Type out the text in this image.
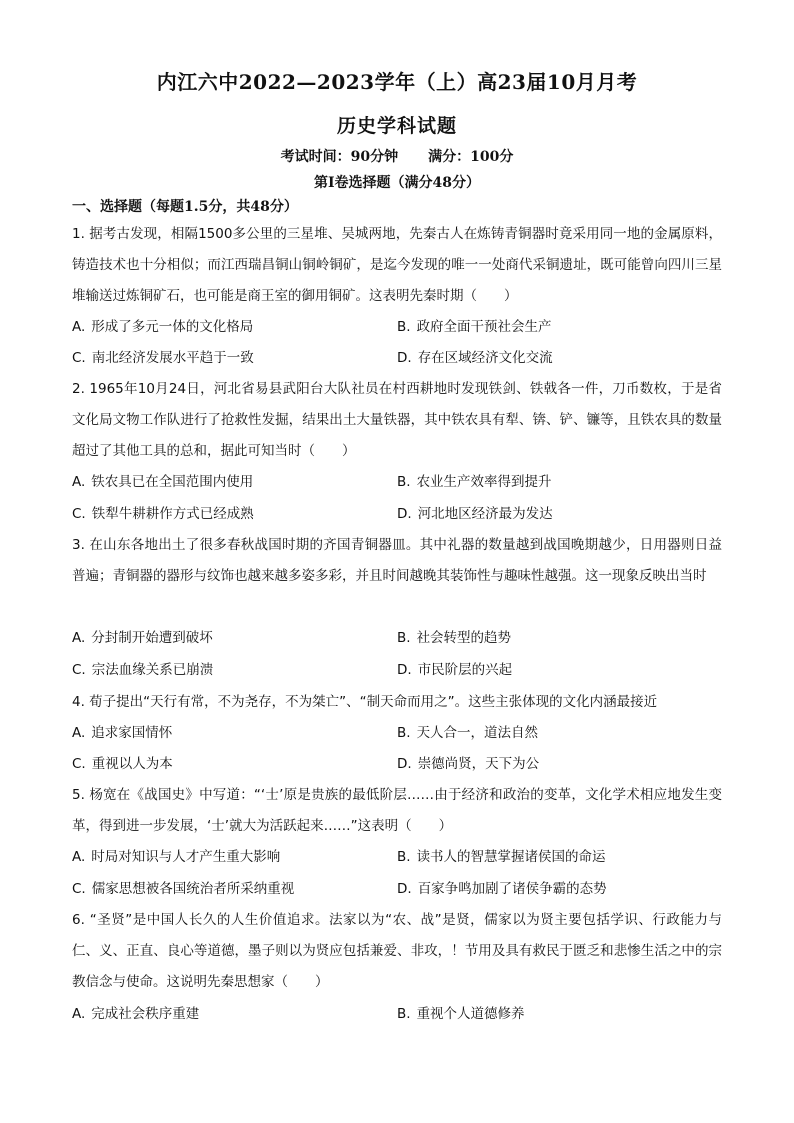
内江六中2022—2023学年（上）高23届10月月考
历史学科试题
考试时间：90分钟 满分：100分
第Ⅰ卷选择题（满分48分）
一、选择题（每题1.5分，共48分）
1. 据考古发现，相隔1500多公里的三星堆、吴城两地，先秦古人在炼铸青铜器时竟采用同一地的金属原料，铸造技术也十分相似；而江西瑞昌铜山铜岭铜矿，是迄今发现的唯一一处商代采铜遗址，既可能曾向四川三星堆输送过炼铜矿石，也可能是商王室的御用铜矿。这表明先秦时期（　　）
A. 形成了多元一体的文化格局	B. 政府全面干预社会生产
C. 南北经济发展水平趋于一致	D. 存在区域经济文化交流
2. 1965年10月24日，河北省易县武阳台大队社员在村西耕地时发现铁剑、铁戟各一件，刀币数枚，于是省文化局文物工作队进行了抢救性发掘，结果出土大量铁器，其中铁农具有犁、锛、铲、镰等，且铁农具的数量超过了其他工具的总和，据此可知当时（　　）
A. 铁农具已在全国范围内使用	B. 农业生产效率得到提升
C. 铁犁牛耕耕作方式已经成熟	D. 河北地区经济最为发达
3. 在山东各地出土了很多春秋战国时期的齐国青铜器皿。其中礼器的数量越到战国晚期越少，日用器则日益普遍；青铜器的器形与纹饰也越来越多姿多彩，并且时间越晚其装饰性与趣味性越强。这一现象反映出当时
A. 分封制开始遭到破坏	B. 社会转型的趋势
C. 宗法血缘关系已崩溃	D. 市民阶层的兴起
4. 荀子提出“天行有常，不为尧存，不为桀亡”、“制天命而用之”。这些主张体现的文化内涵最接近
A. 追求家国情怀	B. 天人合一，道法自然
C. 重视以人为本	D. 崇德尚贤，天下为公
5. 杨宽在《战国史》中写道：“‘士’原是贵族的最低阶层……由于经济和政治的变革，文化学术相应地发生变革，得到进一步发展，‘士’就大为活跃起来……”这表明（　　）
A. 时局对知识与人才产生重大影响	B. 读书人的智慧掌握诸侯国的命运
C. 儒家思想被各国统治者所采纳重视	D. 百家争鸣加剧了诸侯争霸的态势
6. “圣贤”是中国人长久的人生价值追求。法家以为“农、战”是贤，儒家以为贤主要包括学识、行政能力与仁、义、正直、良心等道德，墨子则以为贤应包括兼爱、非攻，！节用及具有救民于匮乏和悲惨生活之中的宗教信念与使命。这说明先秦思想家（　　）
A. 完成社会秩序重建	B. 重视个人道德修养
